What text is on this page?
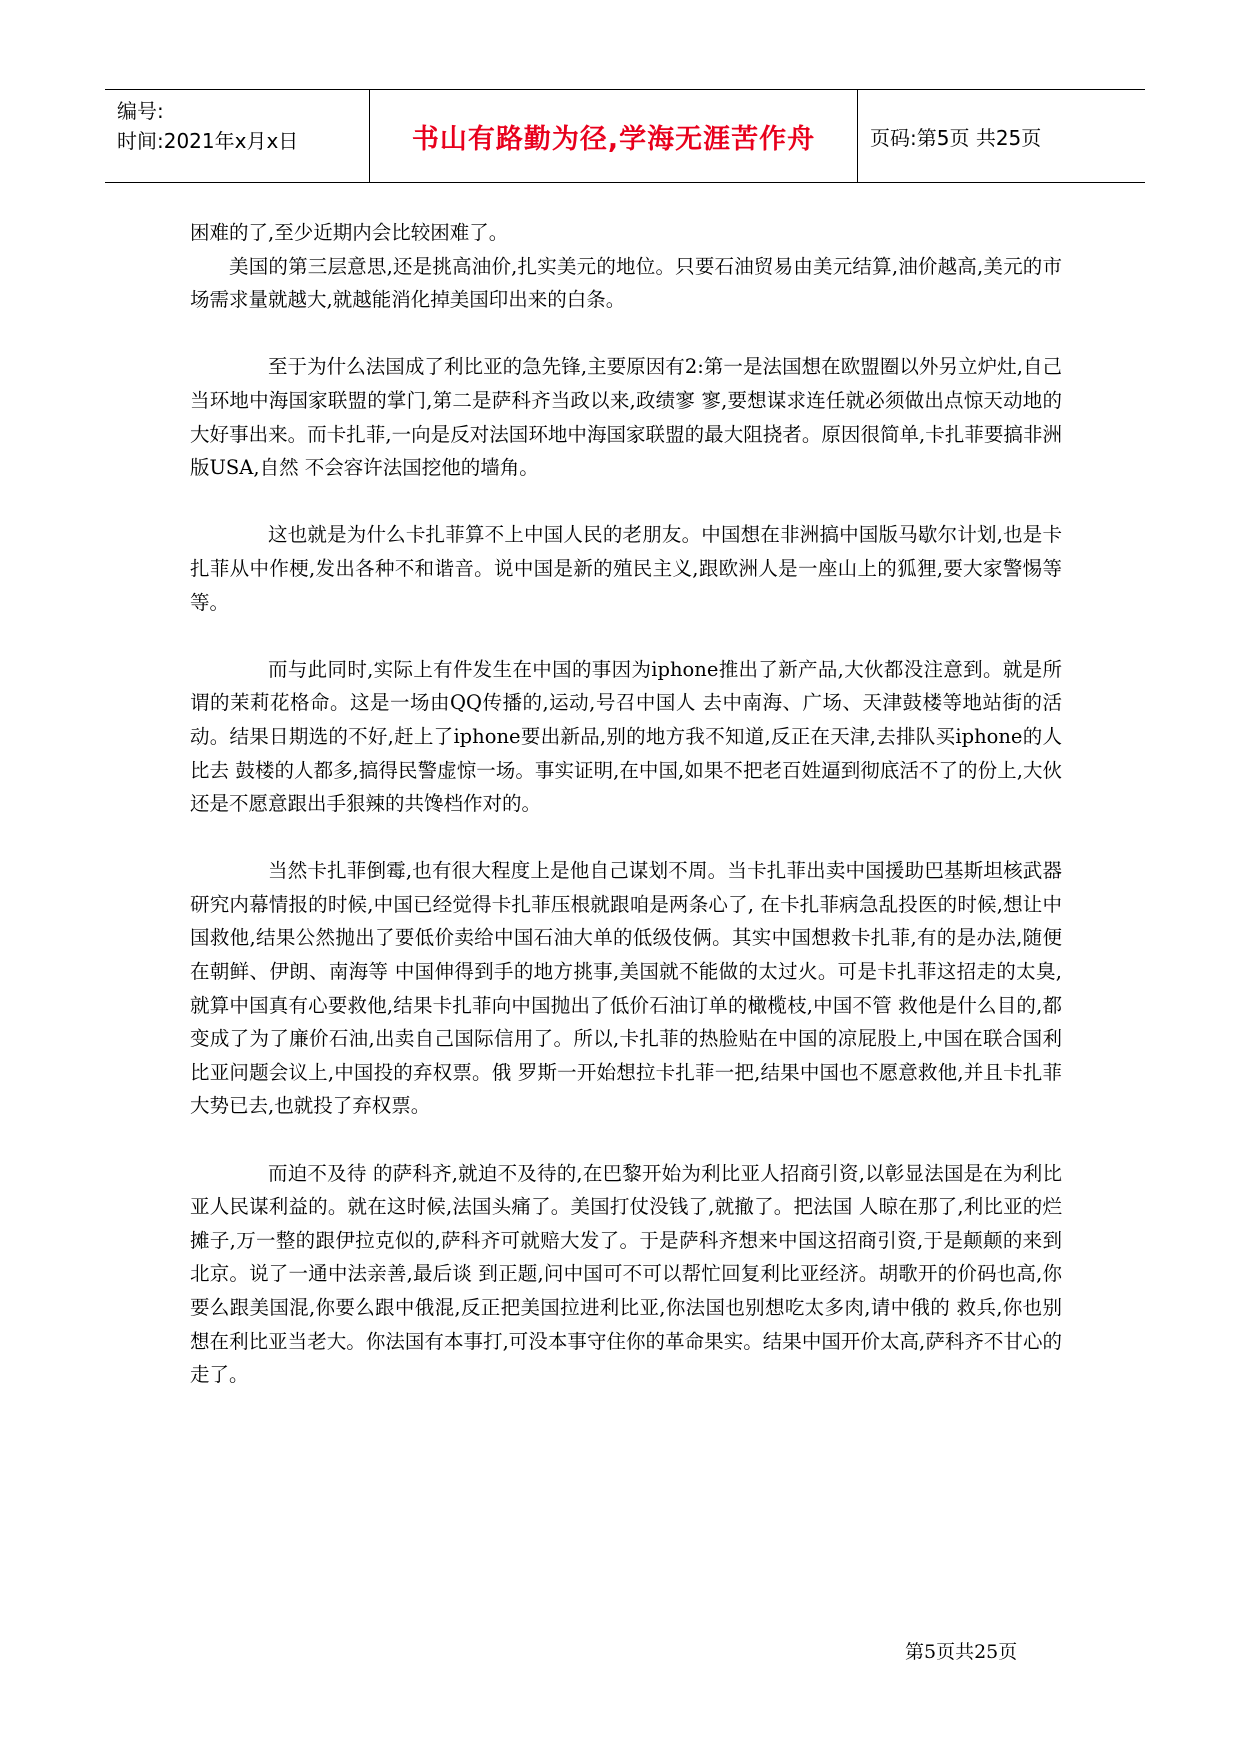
编号:
时间:2021年x月x日	书山有路勤为径,学海无涯苦作舟	页码:第5页 共25页

困难的了,至少近期内会比较困难了。

美国的第三层意思,还是挑高油价,扎实美元的地位。只要石油贸易由美元结算,油价越高,美元的市场需求量就越大,就越能消化掉美国印出来的白条。

至于为什么法国成了利比亚的急先锋,主要原因有2:第一是法国想在欧盟圈以外另立炉灶,自己当环地中海国家联盟的掌门,第二是萨科齐当政以来,政绩寥 寥,要想谋求连任就必须做出点惊天动地的大好事出来。而卡扎菲,一向是反对法国环地中海国家联盟的最大阻挠者。原因很简单,卡扎菲要搞非洲版USA,自然 不会容许法国挖他的墙角。

这也就是为什么卡扎菲算不上中国人民的老朋友。中国想在非洲搞中国版马歇尔计划,也是卡扎菲从中作梗,发出各种不和谐音。说中国是新的殖民主义,跟欧洲人是一座山上的狐狸,要大家警惕等等。

而与此同时,实际上有件发生在中国的事因为iphone推出了新产品,大伙都没注意到。就是所谓的茉莉花格命。这是一场由QQ传播的,运动,号召中国人 去中南海、广场、天津鼓楼等地站街的活动。结果日期选的不好,赶上了iphone要出新品,别的地方我不知道,反正在天津,去排队买iphone的人比去 鼓楼的人都多,搞得民警虚惊一场。事实证明,在中国,如果不把老百姓逼到彻底活不了的份上,大伙还是不愿意跟出手狠辣的共馋档作对的。

当然卡扎菲倒霉,也有很大程度上是他自己谋划不周。当卡扎菲出卖中国援助巴基斯坦核武器研究内幕情报的时候,中国已经觉得卡扎菲压根就跟咱是两条心了, 在卡扎菲病急乱投医的时候,想让中国救他,结果公然抛出了要低价卖给中国石油大单的低级伎俩。其实中国想救卡扎菲,有的是办法,随便在朝鲜、伊朗、南海等 中国伸得到手的地方挑事,美国就不能做的太过火。可是卡扎菲这招走的太臭,就算中国真有心要救他,结果卡扎菲向中国抛出了低价石油订单的橄榄枝,中国不管 救他是什么目的,都变成了为了廉价石油,出卖自己国际信用了。所以,卡扎菲的热脸贴在中国的凉屁股上,中国在联合国利比亚问题会议上,中国投的弃权票。俄 罗斯一开始想拉卡扎菲一把,结果中国也不愿意救他,并且卡扎菲大势已去,也就投了弃权票。

而迫不及待 的萨科齐,就迫不及待的,在巴黎开始为利比亚人招商引资,以彰显法国是在为利比亚人民谋利益的。就在这时候,法国头痛了。美国打仗没钱了,就撤了。把法国 人晾在那了,利比亚的烂摊子,万一整的跟伊拉克似的,萨科齐可就赔大发了。于是萨科齐想来中国这招商引资,于是颠颠的来到北京。说了一通中法亲善,最后谈 到正题,问中国可不可以帮忙回复利比亚经济。胡歌开的价码也高,你要么跟美国混,你要么跟中俄混,反正把美国拉进利比亚,你法国也别想吃太多肉,请中俄的 救兵,你也别想在利比亚当老大。你法国有本事打,可没本事守住你的革命果实。结果中国开价太高,萨科齐不甘心的走了。

第5页共25页
